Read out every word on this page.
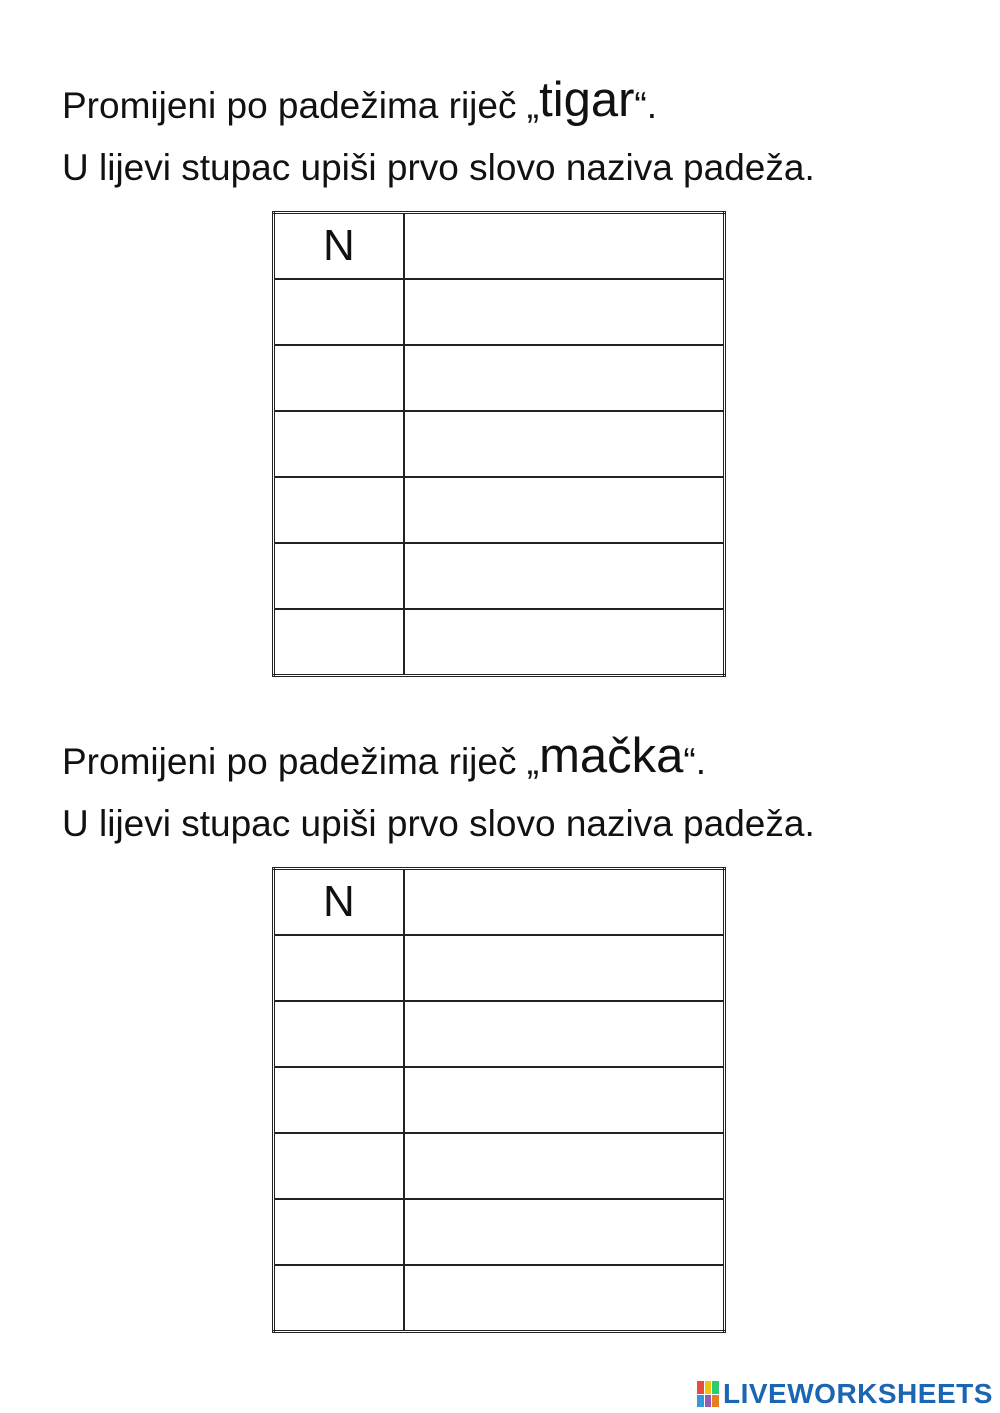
Promijeni po padežima riječ „tigar“.

U lijevi stupac upiši prvo slovo naziva padeža.

N	

Promijeni po padežima riječ „mačka“.

U lijevi stupac upiši prvo slovo naziva padeža.

N	

LIVEWORKSHEETS
